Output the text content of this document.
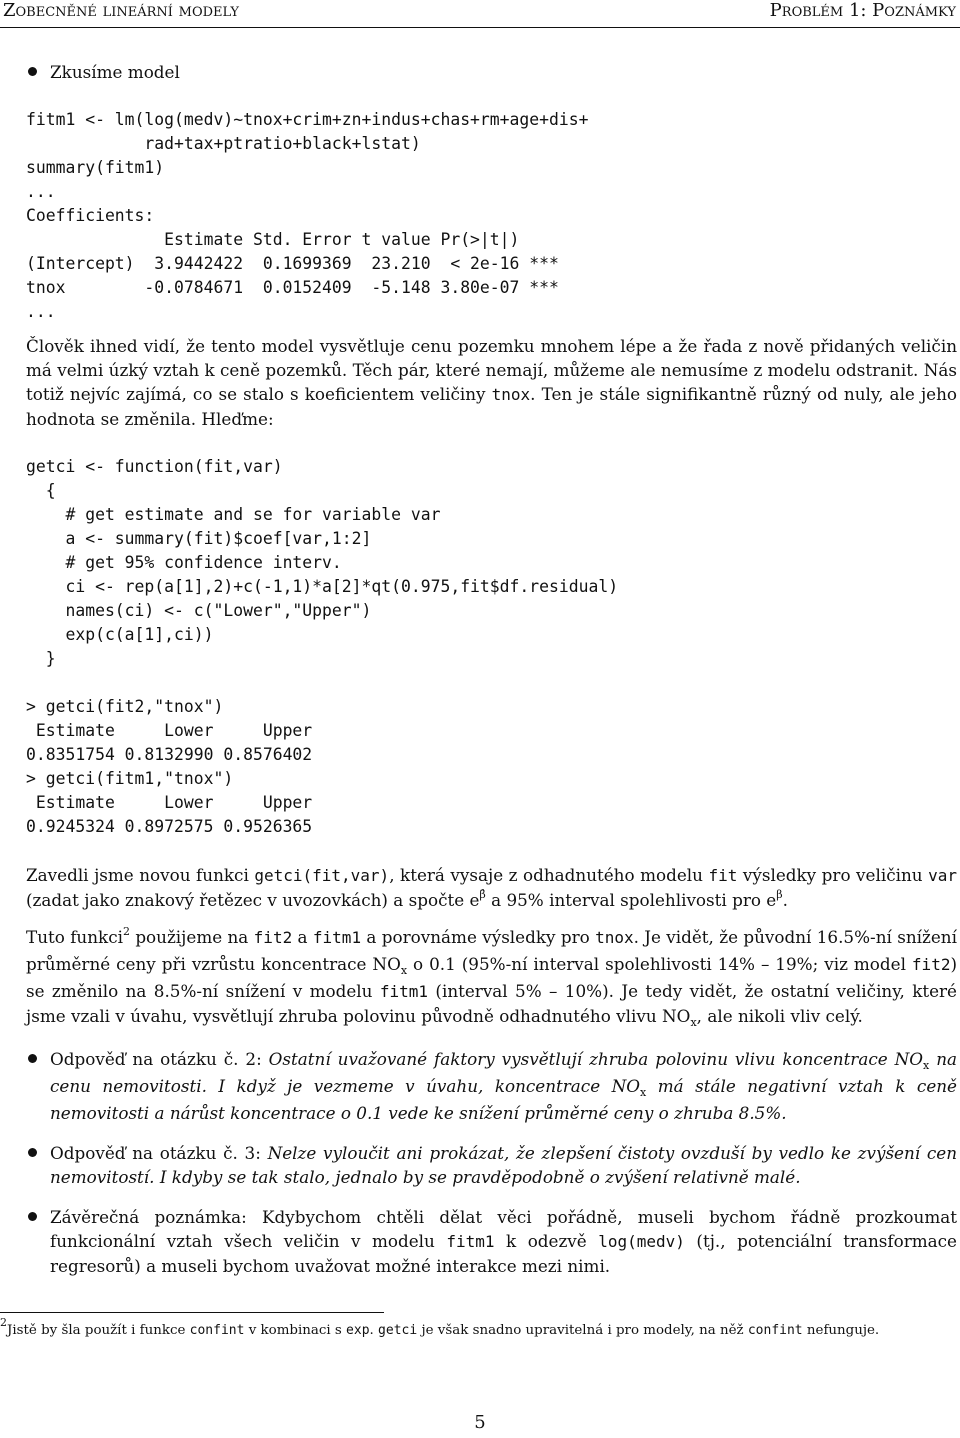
Zobecněné lineární modely	Problém 1: Poznámky

Zkusíme model

fitm1 <- lm(log(medv)~tnox+crim+zn+indus+chas+rm+age+dis+
rad+tax+ptratio+black+lstat)
summary(fitm1)
...
Coefficients:
Estimate Std. Error t value Pr(>|t|)
(Intercept)  3.9442422  0.1699369  23.210  < 2e-16 ***
tnox        -0.0784671  0.0152409  -5.148 3.80e-07 ***
...

Člověk ihned vidí, že tento model vysvětluje cenu pozemku mnohem lépe a že řada z nově přidaných veličin má velmi úzký vztah k ceně pozemků. Těch pár, které nemají, můžeme ale nemusíme z modelu odstranit. Nás totiž nejvíc zajímá, co se stalo s koeficientem veličiny tnox. Ten je stále signifikantně různý od nuly, ale jeho hodnota se změnila. Hleďme:

getci <- function(fit,var)
{
# get estimate and se for variable var
a <- summary(fit)$coef[var,1:2]
# get 95% confidence interv.
ci <- rep(a[1],2)+c(-1,1)*a[2]*qt(0.975,fit$df.residual)
names(ci) <- c("Lower","Upper")
exp(c(a[1],ci))
}
> getci(fit2,"tnox")
Estimate     Lower     Upper
0.8351754 0.8132990 0.8576402
> getci(fitm1,"tnox")
Estimate     Lower     Upper
0.9245324 0.8972575 0.9526365

Zavedli jsme novou funkci getci(fit,var), která vysaje z odhadnutého modelu fit výsledky pro veličinu var (zadat jako znakový řetězec v uvozovkách) a spočte $e^{\betâ}$ a 95% interval spolehlivosti pro $e^\beta$.

Tuto funkci$^2$ použijeme na fit2 a fitm1 a porovnáme výsledky pro tnox. Je vidět, že původní 16.5%-ní snížení průměrné ceny při vzrůstu koncentrace $NO_x$ o 0.1 (95%-ní interval spolehlivosti 14% – 19%; viz model fit2) se změnilo na 8.5%-ní snížení v modelu fitm1 (interval 5% – 10%). Je tedy vidět, že ostatní veličiny, které jsme vzali v úvahu, vysvětlují zhruba polovinu původně odhadnutého vlivu $NO_x$, ale nikoli vliv celý.

Odpověď na otázku č. 2: Ostatní uvažované faktory vysvětlují zhruba polovinu vlivu koncentrace $NO_x$ na cenu nemovitosti. I když je vezmeme v úvahu, koncentrace $NO_x$ má stále negativní vztah k ceně nemovitosti a nárůst koncentrace o 0.1 vede ke snížení průměrné ceny o zhruba 8.5%.

Odpověď na otázku č. 3: Nelze vyloučit ani prokázat, že zlepšení čistoty ovzduší by vedlo ke zvýšení cen nemovitostí. I kdyby se tak stalo, jednalo by se pravděpodobně o zvýšení relativně malé.

Závěrečná poznámka: Kdybychom chtěli dělat věci pořádně, museli bychom řádně prozkoumat funkcionální vztah všech veličin v modelu fitm1 k odezvě log(medv) (tj., potenciální transformace regresorů) a museli bychom uvažovat možné interakce mezi nimi.

$^2$Jistě by šla použít i funkce confint v kombinaci s exp. getci je však snadno upravitelná i pro modely, na něž confint nefunguje.
5
